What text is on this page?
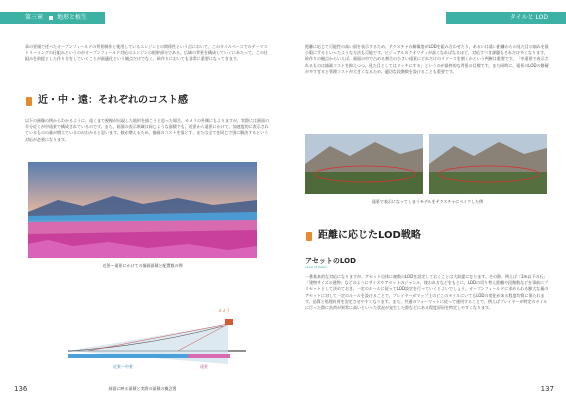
第三章 地形と植生

章の冒頭で述べたオープンフィールドの背景制作と使用しているエンジンとの関係性という点において、このタイルベースでのテーマストリーミングの仕組みというのがオープンフィールド対応のエンジンの根幹部分である。広域の背景を構成していくにあたって、この仕組みを前提とした作り方をしていくことが最適化という観点だけでなく、絵作りにおいても非常に重要になってきます。

近・中・遠：それぞれのコスト感

以下の画像の例からわかるように、遠くまで視線が出現した地形を描こうと思った場合、カメラの外側にもよりますが、実際には画面の半分近くが中遠景で構成されているのです。また、画面の表示領域は同じような面積でも、近景から遠景にかけて、加速度的に表示されているものの量が増えているのがわかると思います。数が増えるため、描画のコストを落とす、または全てを同じで別に解決するという対応が必要になります。

近景～遠景にかけての描画面積と配置数の例
カメラ
近景～中景	遠景
画面に映る面積と実際の面積の概念図
136
タイルと LOD

距離に応じて可能性の高い面を表示するため、テクスチャの解像度がLODを組み合わせたり、あるいは遠い距離からの見た目の崩れを最小限にするといったような方法も可能です。ビジュアルのクオリティが高くなればなるほど、対応すべき課題もそれだけ多くなります。絵作りの観点からいえば、画面の中で占める割合の小さい遠景にどれだけのリソースを割くかという判断は重要です。「中遠景で表示されるものは描画コストを抑えつつ、見た目としてはリッチにする」というのが最終的な背景の目標です。また同時に、遠景のLODの階層が多すぎると管理コストが大きくなるため、適切な段階数を設けることも重要です。

遠景で表示になってしまうモデルをテクスチャにベイクした例
距離に応じたLOD戦略
アセットのLOD
Level of Detail

一番基本的な対応になりますが、アセット自体に複数のLODを設定しておくことは大前提になります。その際、例えば「1m以下の石」「建物サイズの建物」などのようにサイズやアセットのジャンル、使われ方などをもとに、LODの切り替え距離や段階数などを事前にプリセットとして決めておき、一定のルールに従ってLOD設定を行っていくとよいでしょう。オープンフィールドに求められる膨大な量のアセットに対して一定のルールを設けることで、プレイヤーがマップ上のどこのタイルにいてもLODの変化がある程度均質に保たれます。品質と処理負荷を安定させやすくなります。また、共通のフォーマットに従って運用することで、例えばプレイヤーが特定のタイルに行った際に負荷が異常に高いといった状況が発生した際などにある程度原因を特定しやすくなります。

137
